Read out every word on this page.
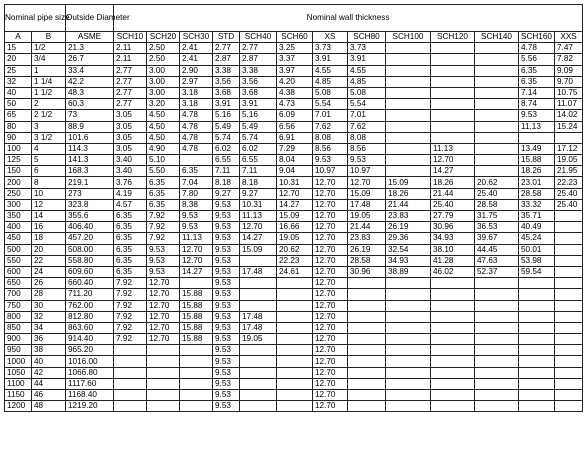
Nominal pipe size		Outside Diameter	Nominal wall thickness												
A	B	ASME	SCH10	SCH20	SCH30	STD	SCH40	SCH60	XS	SCH80	SCH100	SCH120	SCH140	SCH160	XXS
15	1/2	21.3	2.11	2.50	2.41	2.77	2.77	3.25	3.73	3.73				4.78	7.47
20	3/4	26.7	2.11	2.50	2.41	2.87	2.87	3.37	3.91	3.91				5.56	7.82
25	1	33.4	2.77	3.00	2.90	3.38	3.38	3.97	4.55	4.55				6.35	9.09
32	1 1/4	42.2	2.77	3.00	2.97	3.56	3.56	4.20	4.85	4.85				6.35	9.70
40	1 1/2	48.3	2.77	3.00	3.18	3.68	3.68	4.38	5.08	5.08				7.14	10.75
50	2	60.3	2.77	3.20	3.18	3.91	3.91	4.73	5.54	5.54				8.74	11.07
65	2 1/2	73	3.05	4.50	4.78	5.16	5.16	6.09	7.01	7.01				9.53	14.02
80	3	88.9	3.05	4.50	4.78	5.49	5.49	6.56	7.62	7.62				11.13	15.24
90	3 1/2	101.6	3.05	4.50	4.78	5.74	5.74	6.91	8.08	8.08					
100	4	114.3	3.05	4.90	4.78	6.02	6.02	7.29	8.56	8.56		11.13		13.49	17.12
125	5	141.3	3.40	5.10		6.55	6.55	8.04	9.53	9.53		12.70		15.88	19.05
150	6	168.3	3.40	5.50	6.35	7.11	7.11	9.04	10.97	10.97		14.27		18.26	21.95
200	8	219.1	3.76	6.35	7.04	8.18	8.18	10.31	12.70	12.70	15.09	18.26	20.62	23.01	22.23
250	10	273	4.19	6.35	7.80	9.27	9.27	12.70	12.70	15.09	18.26	21.44	25.40	28.58	25.40
300	12	323.8	4.57	6.35	8.38	9.53	10.31	14.27	12.70	17.48	21.44	25.40	28.58	33.32	25.40
350	14	355.6	6.35	7.92	9.53	9.53	11.13	15.09	12.70	19.05	23.83	27.79	31.75	35.71	
400	16	406.40	6.35	7.92	9.53	9.53	12.70	16.66	12.70	21.44	26.19	30.96	36.53	40.49	
450	18	457.20	6.35	7.92	11.13	9.53	14.27	19.05	12.70	23.83	29.36	34.93	39.67	45.24	
500	20	508.00	6.35	9.53	12.70	9.53	15.09	20.62	12.70	26.19	32.54	38.10	44.45	50.01	
550	22	558.80	6.35	9.53	12.70	9.53		22.23	12.70	28.58	34.93	41.28	47.63	53.98	
600	24	609.60	6.35	9.53	14.27	9.53	17.48	24.61	12.70	30.96	38.89	46.02	52.37	59.54	
650	26	660.40	7.92	12.70		9.53			12.70						
700	28	711.20	7.92	12.70	15.88	9.53			12.70						
750	30	762.00	7.92	12.70	15.88	9.53			12.70						
800	32	812.80	7.92	12.70	15.88	9.53	17.48		12.70						
850	34	863.60	7.92	12.70	15.88	9.53	17.48		12.70						
900	36	914.40	7.92	12.70	15.88	9.53	19.05		12.70						
950	38	965.20				9.53			12.70						
1000	40	1016.00				9.53			12.70						
1050	42	1066.80				9.53			12.70						
1100	44	1117.60				9.53			12.70						
1150	46	1168.40				9.53			12.70						
1200	48	1219.20				9.53			12.70						
